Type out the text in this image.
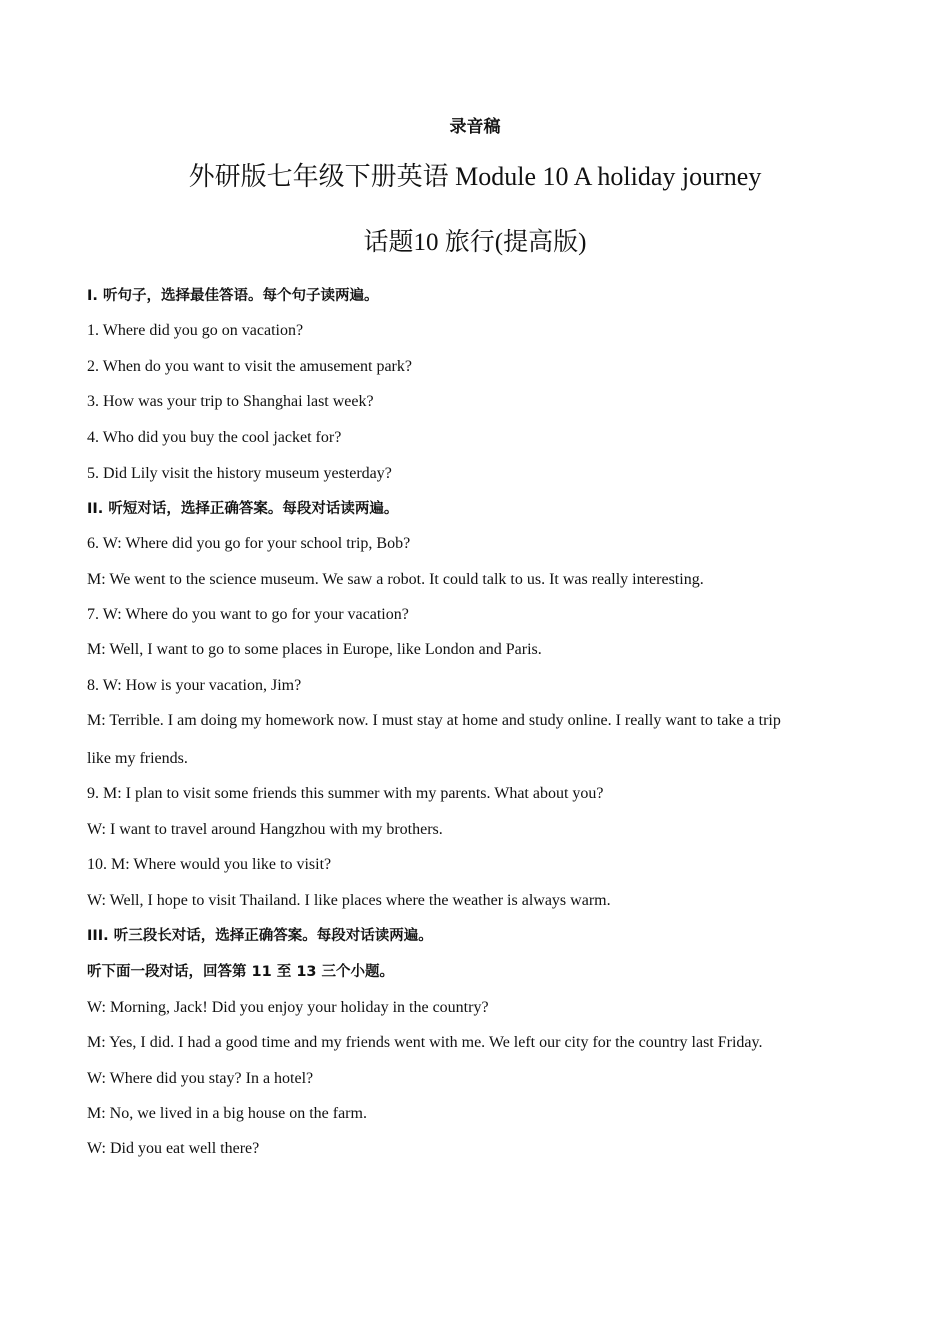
录音稿
外研版七年级下册英语 Module 10 A holiday journey
话题10 旅行(提高版)
Ⅰ. 听句子，选择最佳答语。每个句子读两遍。
1. Where did you go on vacation?
2. When do you want to visit the amusement park?
3. How was your trip to Shanghai last week?
4. Who did you buy the cool jacket for?
5. Did Lily visit the history museum yesterday?
II. 听短对话，选择正确答案。每段对话读两遍。
6. W: Where did you go for your school trip, Bob?
M: We went to the science museum. We saw a robot. It could talk to us. It was really interesting.
7. W: Where do you want to go for your vacation?
M: Well, I want to go to some places in Europe, like London and Paris.
8. W: How is your vacation, Jim?
M: Terrible. I am doing my homework now. I must stay at home and study online. I really want to take a trip
like my friends.
9. M: I plan to visit some friends this summer with my parents. What about you?
W: I want to travel around Hangzhou with my brothers.
10. M: Where would you like to visit?
W: Well, I hope to visit Thailand. I like places where the weather is always warm.
III. 听三段长对话，选择正确答案。每段对话读两遍。
听下面一段对话，回答第 11 至 13 三个小题。
W: Morning, Jack! Did you enjoy your holiday in the country?
M: Yes, I did. I had a good time and my friends went with me. We left our city for the country last Friday.
W: Where did you stay? In a hotel?
M: No, we lived in a big house on the farm.
W: Did you eat well there?
